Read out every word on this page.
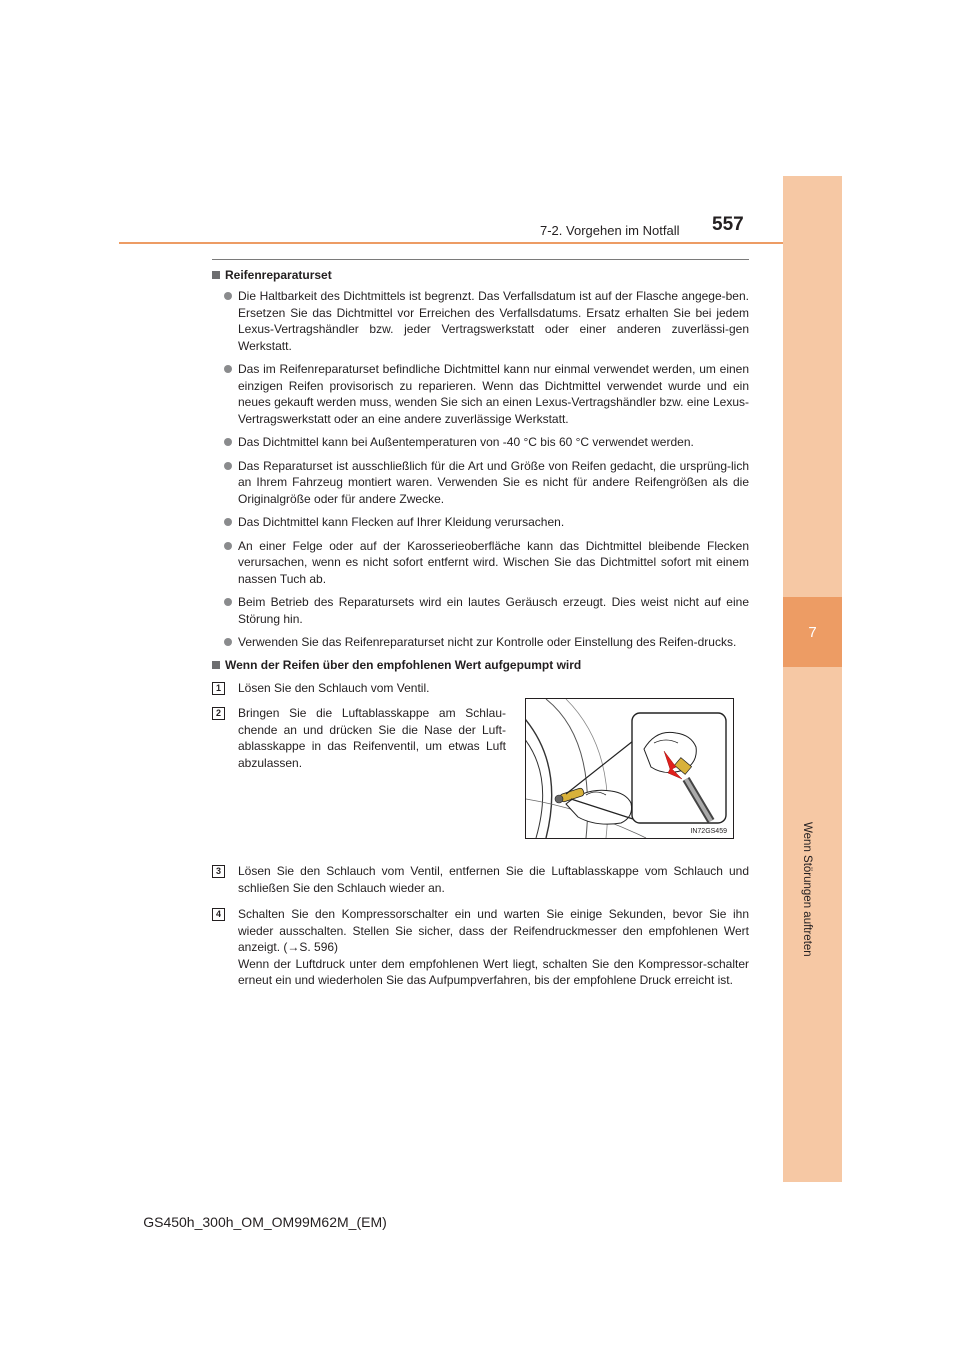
7
Wenn Störungen auftreten
7-2. Vorgehen im Notfall 557
Reifenreparaturset
Die Haltbarkeit des Dichtmittels ist begrenzt. Das Verfallsdatum ist auf der Flasche angege-ben. Ersetzen Sie das Dichtmittel vor Erreichen des Verfallsdatums. Ersatz erhalten Sie bei jedem Lexus-Vertragshändler bzw. jeder Vertragswerkstatt oder einer anderen zuverlässi-gen Werkstatt.
Das im Reifenreparaturset befindliche Dichtmittel kann nur einmal verwendet werden, um einen einzigen Reifen provisorisch zu reparieren. Wenn das Dichtmittel verwendet wurde und ein neues gekauft werden muss, wenden Sie sich an einen Lexus-Vertragshändler bzw. eine Lexus-Vertragswerkstatt oder an eine andere zuverlässige Werkstatt.
Das Dichtmittel kann bei Außentemperaturen von -40 °C bis 60 °C verwendet werden.
Das Reparaturset ist ausschließlich für die Art und Größe von Reifen gedacht, die ursprüng-lich an Ihrem Fahrzeug montiert waren. Verwenden Sie es nicht für andere Reifengrößen als die Originalgröße oder für andere Zwecke.
Das Dichtmittel kann Flecken auf Ihrer Kleidung verursachen.
An einer Felge oder auf der Karosserieoberfläche kann das Dichtmittel bleibende Flecken verursachen, wenn es nicht sofort entfernt wird. Wischen Sie das Dichtmittel sofort mit einem nassen Tuch ab.
Beim Betrieb des Reparatursets wird ein lautes Geräusch erzeugt. Dies weist nicht auf eine Störung hin.
Verwenden Sie das Reifenreparaturset nicht zur Kontrolle oder Einstellung des Reifen-drucks.
Wenn der Reifen über den empfohlenen Wert aufgepumpt wird
1	Lösen Sie den Schlauch vom Ventil.
2	Bringen Sie die Luftablasskappe am Schlau-chende an und drücken Sie die Nase der Luft-ablasskappe in das Reifenventil, um etwas Luft abzulassen.
3	Lösen Sie den Schlauch vom Ventil, entfernen Sie die Luftablasskappe vom Schlauch und schließen Sie den Schlauch wieder an.
4	Schalten Sie den Kompressorschalter ein und warten Sie einige Sekunden, bevor Sie ihn wieder ausschalten. Stellen Sie sicher, dass der Reifendruckmesser den empfohlenen Wert anzeigt. (→S. 596)
Wenn der Luftdruck unter dem empfohlenen Wert liegt, schalten Sie den Kompressor-schalter erneut ein und wiederholen Sie das Aufpumpverfahren, bis der empfohlene Druck erreicht ist.
IN72GS459
GS450h_300h_OM_OM99M62M_(EM)
